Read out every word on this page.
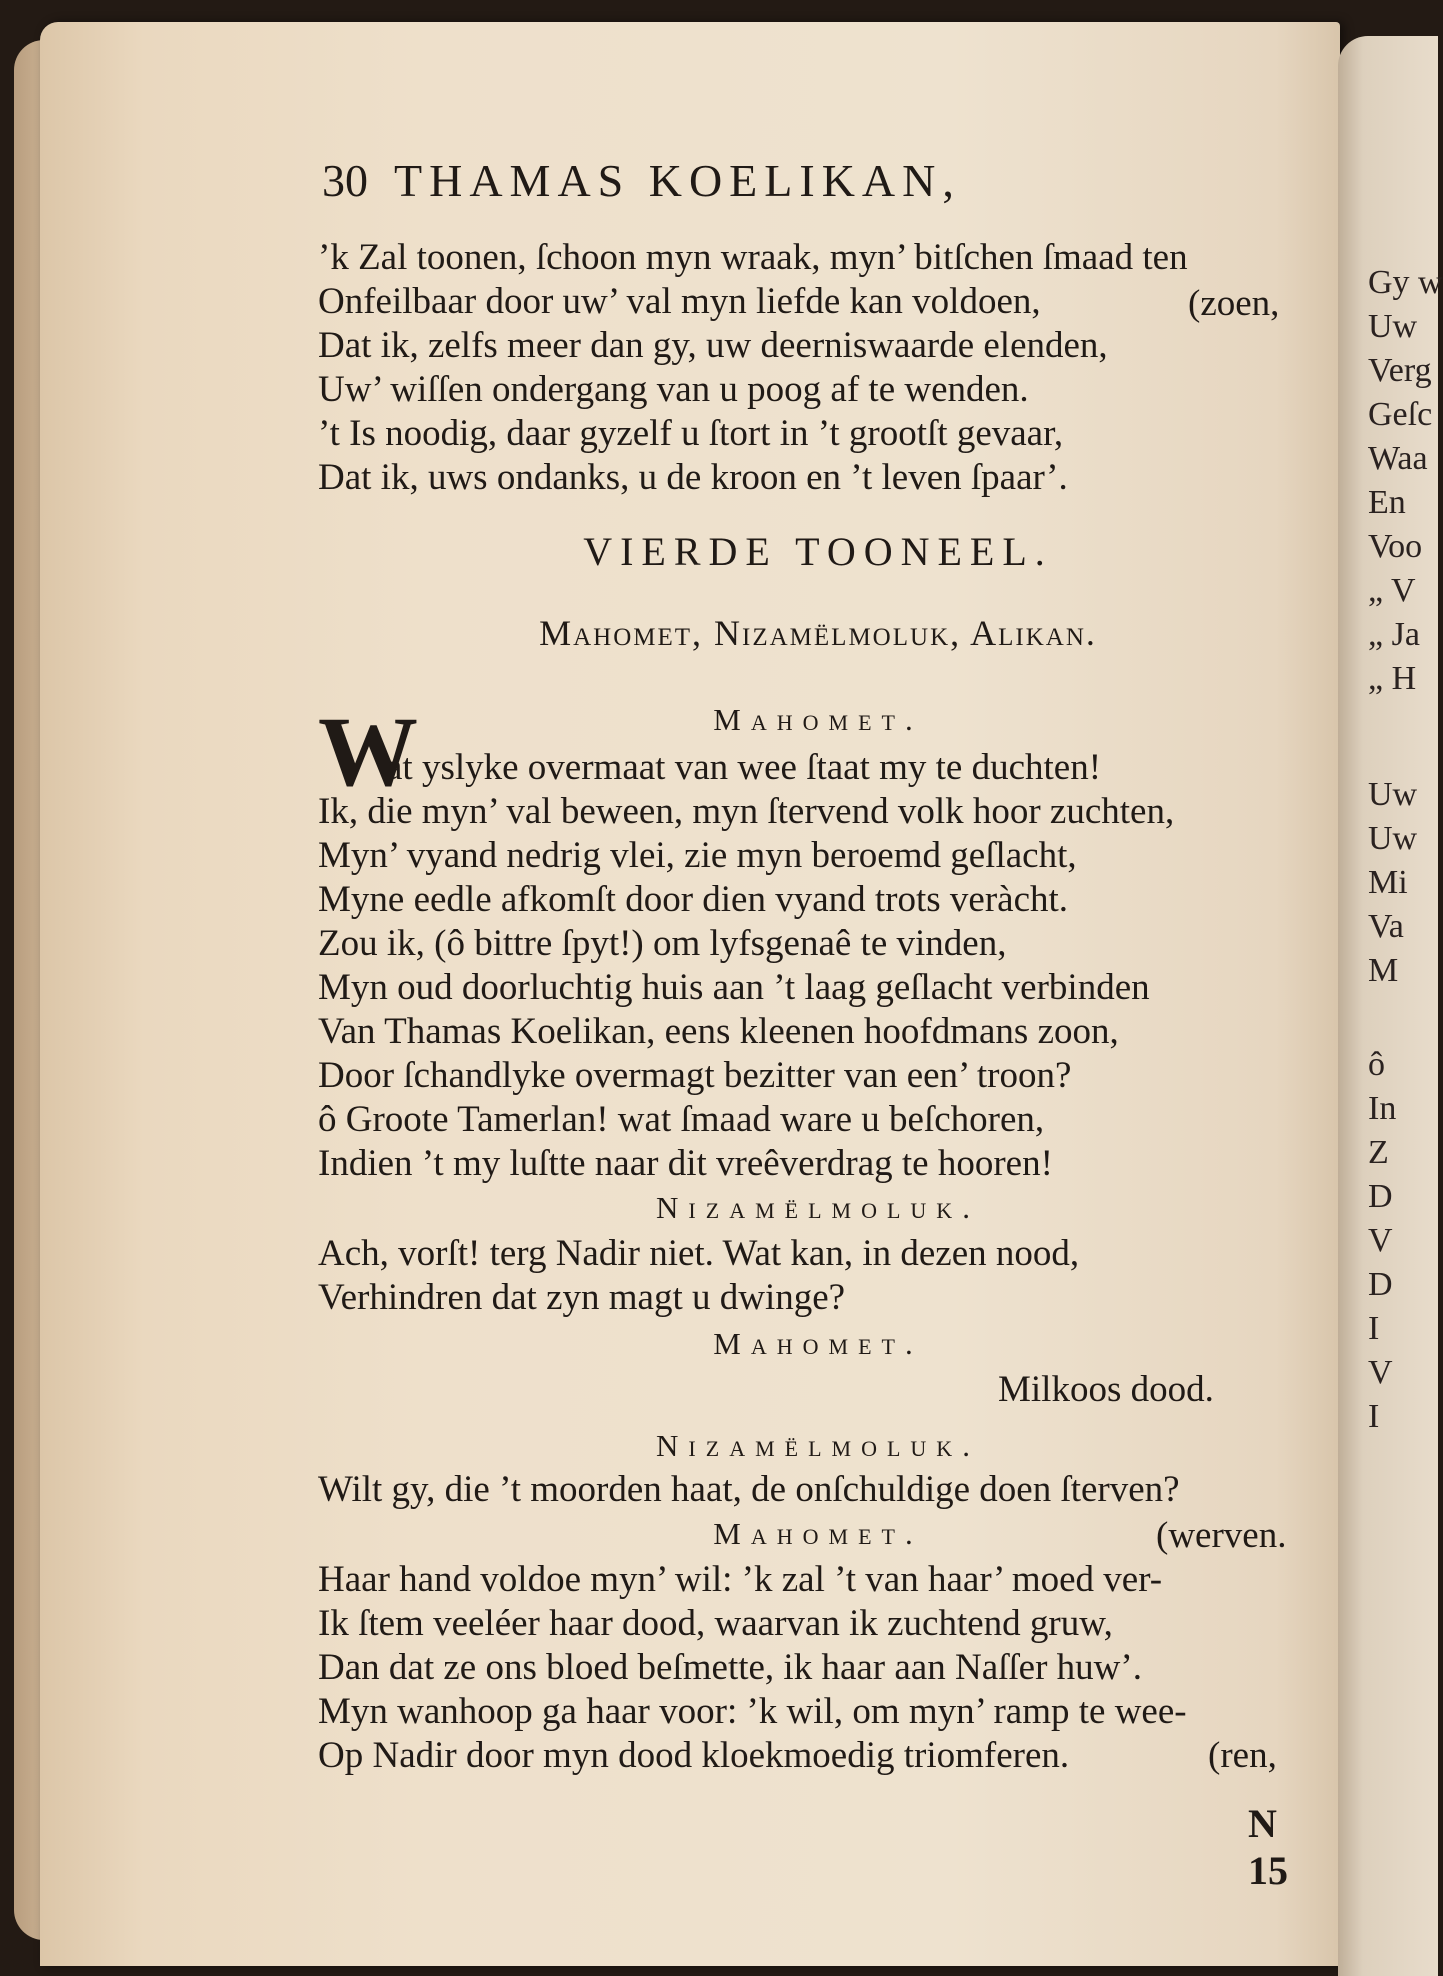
Gy w
Uw
Verg
Geſc
Waa
En
Voo
„ V
„ Ja
„ H
Uw
Uw
Mi
Va
M
ô
In
Z
D
V
D
I
V
I
30 THAMAS KOELIKAN,
’k Zal toonen, ſchoon myn wraak, myn’ bitſchen ſmaad ten
Onfeilbaar door uw’ val myn liefde kan voldoen,	(zoen,
Dat ik, zelfs meer dan gy, uw deerniswaarde elenden,
Uw’ wiſſen ondergang van u poog af te wenden.
’t Is noodig, daar gyzelf u ſtort in ’t grootſt gevaar,
Dat ik, uws ondanks, u de kroon en ’t leven ſpaar’.
VIERDE TOONEEL.
Mahomet, Nizamëlmoluk, Alikan.
Mahomet.
W
at yslyke overmaat van wee ſtaat my te duchten!
Ik, die myn’ val beween, myn ſtervend volk hoor zuchten,
Myn’ vyand nedrig vlei, zie myn beroemd geſlacht,
Myne eedle afkomſt door dien vyand trots veràcht.
Zou ik, (ô bittre ſpyt!) om lyfsgenaê te vinden,
Myn oud doorluchtig huis aan ’t laag geſlacht verbinden
Van Thamas Koelikan, eens kleenen hoofdmans zoon,
Door ſchandlyke overmagt bezitter van een’ troon?
ô Groote Tamerlan! wat ſmaad ware u beſchoren,
Indien ’t my luſtte naar dit vreêverdrag te hooren!
Nizamëlmoluk.
Ach, vorſt! terg Nadir niet. Wat kan, in dezen nood,
Verhindren dat zyn magt u dwinge?
Mahomet.
Milkoos dood.
Nizamëlmoluk.
Wilt gy, die ’t moorden haat, de onſchuldige doen ſterven?
Mahomet.	(werven.
Haar hand voldoe myn’ wil: ’k zal ’t van haar’ moed ver-
Ik ſtem veeléer haar dood, waarvan ik zuchtend gruw,
Dan dat ze ons bloed beſmette, ik haar aan Naſſer huw’.
Myn wanhoop ga haar voor: ’k wil, om myn’ ramp te wee-
Op Nadir door myn dood kloekmoedig triomferen.	(ren,
N 15
